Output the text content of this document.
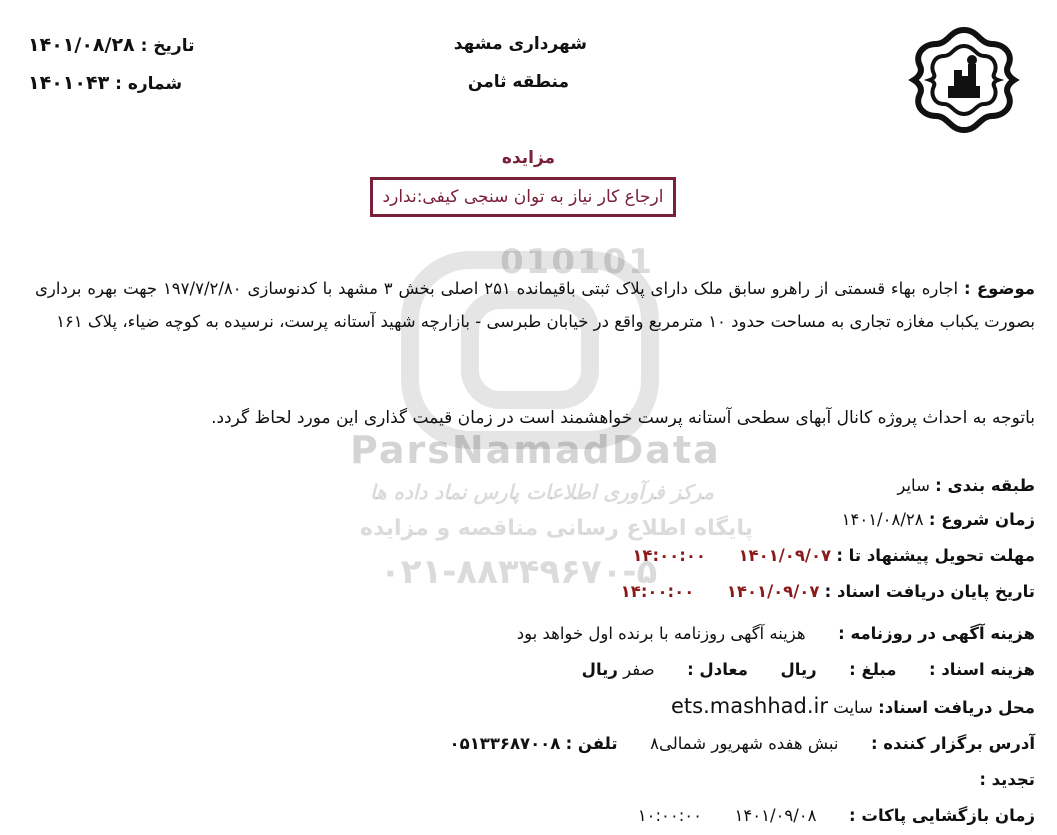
010101
ParsNamadData
مرکز فرآوری اطلاعات پارس نماد داده ها
پایگاه اطلاع رسانی مناقصه و مزایده
۰۲۱-۸۸۳۴۹۶۷۰-۵
شهرداری مشهد
منطقه ثامن
تاریخ : ۱۴۰۱/۰۸/۲۸
شماره : ۱۴۰۱۰۴۳
مزایده
ارجاع کار نیاز به توان سنجی کیفی:ندارد
موضوع : اجاره بهاء قسمتی از راهرو سابق ملک دارای پلاک ثبتی باقیمانده ۲۵۱ اصلی بخش ۳ مشهد با کدنوسازی ۱۹۷/۷/۲/۸۰ جهت بهره برداری بصورت یکباب مغازه تجاری به مساحت حدود ۱۰ مترمربع واقع در خیابان طبرسی - بازارچه شهید آستانه پرست، نرسیده به کوچه ضیاء، پلاک ۱۶۱
باتوجه به احداث پروژه کانال آبهای سطحی آستانه پرست خواهشمند است در زمان قیمت گذاری این مورد لحاظ گردد.
طبقه بندی : سایر
زمان شروع : ۱۴۰۱/۰۸/۲۸
مهلت تحویل پیشنهاد تا : ۱۴۰۱/۰۹/۰۷  ۱۴:۰۰:۰۰
تاریخ پایان دریافت اسناد : ۱۴۰۱/۰۹/۰۷  ۱۴:۰۰:۰۰
هزینه آگهی در روزنامه :  هزینه آگهی روزنامه با برنده اول خواهد بود
هزینه اسناد :  مبلغ :  ریال  معادل :  صفر ریال
محل دریافت اسناد: سایت ets.mashhad.ir
آدرس برگزار کننده :  نبش هفده شهریور شمالی۸  تلفن : ۰۵۱۳۳۶۸۷۰۰۸
تجدید :
زمان بازگشایی پاکات :  ۱۴۰۱/۰۹/۰۸  ۱۰:۰۰:۰۰
